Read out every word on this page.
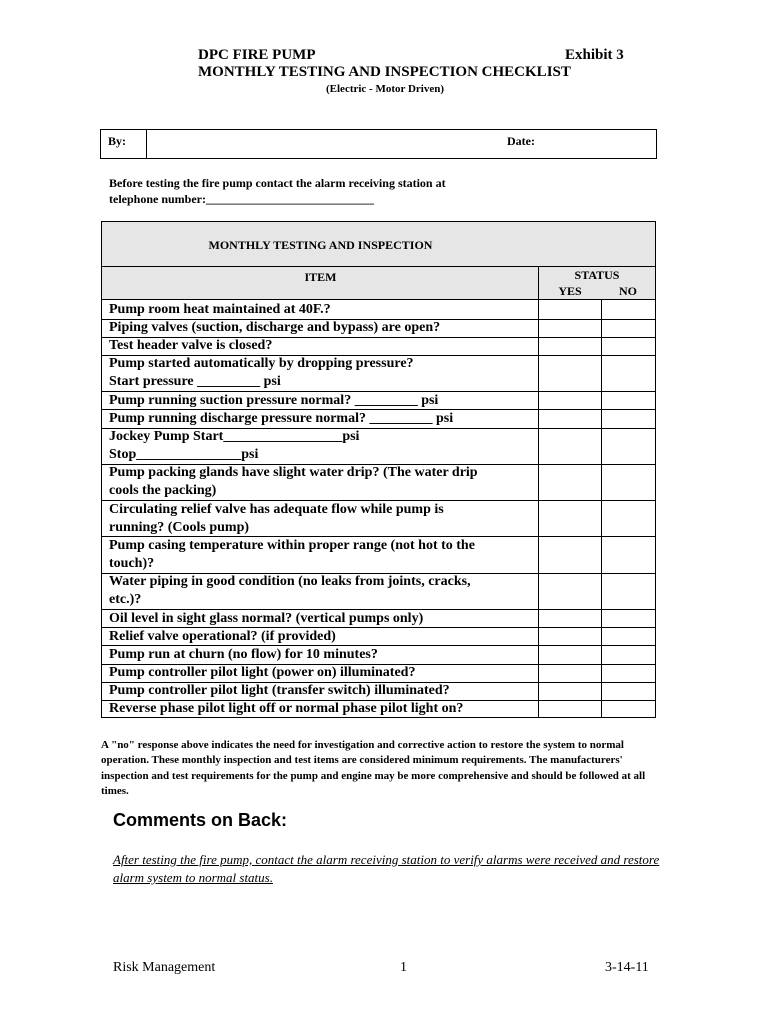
DPC FIRE PUMP	Exhibit 3
MONTHLY TESTING AND INSPECTION CHECKLIST
(Electric - Motor Driven)
By:	Date:
Before testing the fire pump contact the alarm receiving station at
telephone number:____________________________
MONTHLY TESTING AND INSPECTION
ITEM	STATUS
YES	NO
Pump room heat maintained at 40F.?
Piping valves (suction, discharge and bypass) are open?
Test header valve is closed?
Pump started automatically by dropping pressure?
Start pressure _________ psi
Pump running suction pressure normal? _________ psi
Pump running discharge pressure normal? _________ psi
Jockey Pump Start_________________psi
Stop_______________psi
Pump packing glands have slight water drip? (The water drip
cools the packing)
Circulating relief valve has adequate flow while pump is
running? (Cools pump)
Pump casing temperature within proper range (not hot to the
touch)?
Water piping in good condition (no leaks from joints, cracks,
etc.)?
Oil level in sight glass normal? (vertical pumps only)
Relief valve operational? (if provided)
Pump run at churn (no flow) for 10 minutes?
Pump controller pilot light (power on) illuminated?
Pump controller pilot light (transfer switch) illuminated?
Reverse phase pilot light off or normal phase pilot light on?
A "no" response above indicates the need for investigation and corrective action to restore the system to normal operation. These monthly inspection and test items are considered minimum requirements. The manufacturers' inspection and test requirements for the pump and engine may be more comprehensive and should be followed at all times.
Comments on Back:
After testing the fire pump, contact the alarm receiving station to verify alarms were received and restore alarm system to normal status.
Risk Management	1	3-14-11
